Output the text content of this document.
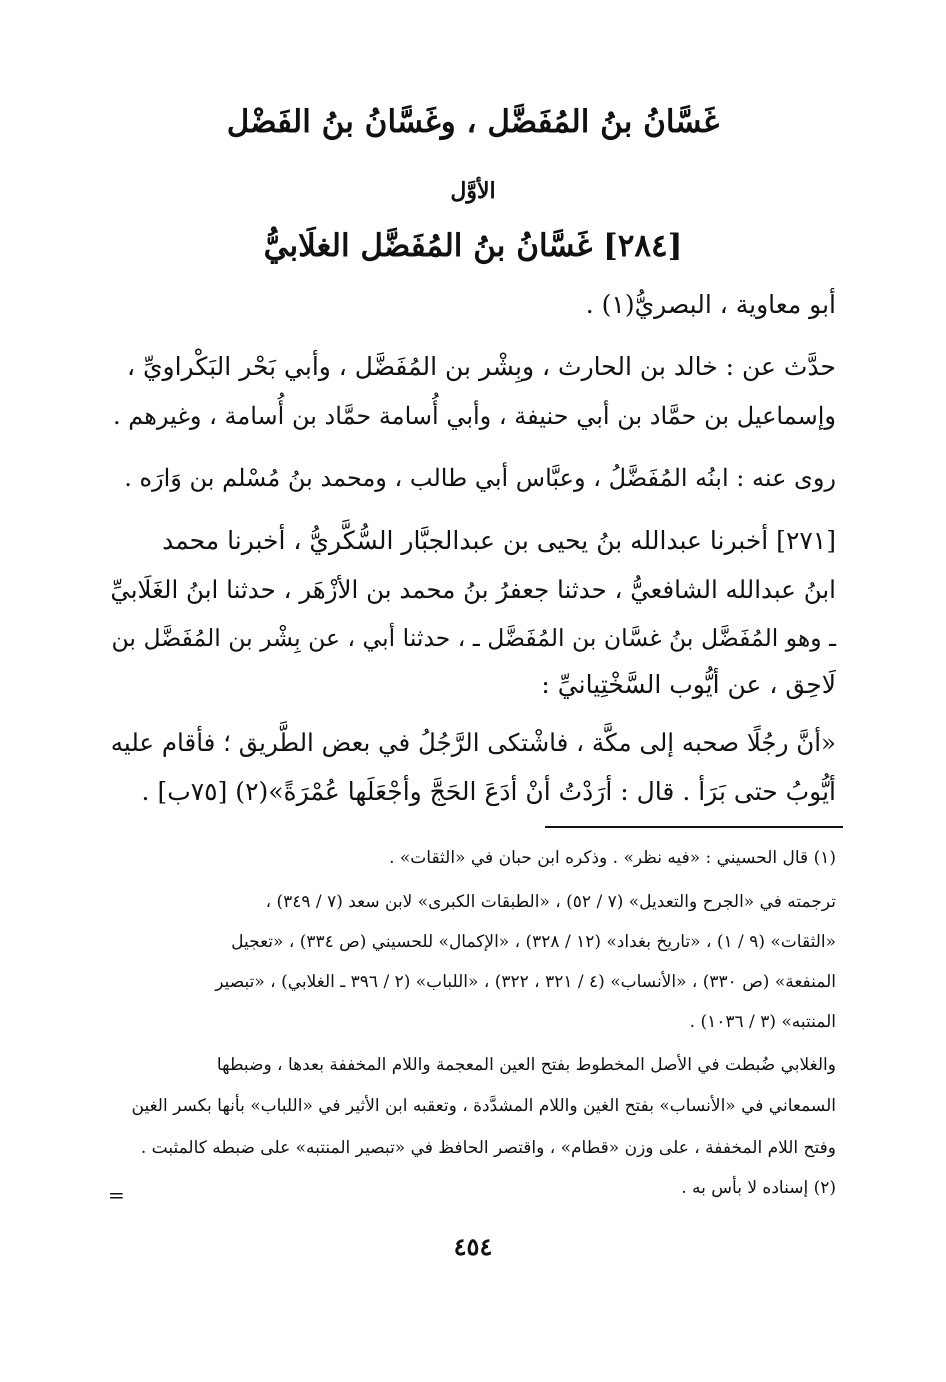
غَسَّانُ بنُ المُفَضَّل ، وغَسَّانُ بنُ الفَضْل
الأوَّل
[٢٨٤] غَسَّانُ بنُ المُفَضَّل الغلَابيُّ
أبو معاوية ، البصريُّ(١) .
حدَّث عن : خالد بن الحارث ، وبِشْر بن المُفَضَّل ، وأبي بَحْر البَكْراويِّ ،
وإسماعيل بن حمَّاد بن أبي حنيفة ، وأبي أُسامة حمَّاد بن أُسامة ، وغيرهم .
روى عنه : ابنُه المُفَضَّلُ ، وعبَّاس أبي طالب ، ومحمد بنُ مُسْلم بن وَارَه .
[٢٧١] أخبرنا عبدالله بنُ يحيى بن عبدالجبَّار السُّكَّريُّ ، أخبرنا محمد
ابنُ عبدالله الشافعيُّ ، حدثنا جعفرُ بنُ محمد بن الأزْهَر ، حدثنا ابنُ الغَلَابيِّ
ـ وهو المُفَضَّل بنُ غسَّان بن المُفَضَّل ـ ، حدثنا أبي ، عن بِشْر بن المُفَضَّل بن
لَاحِق ، عن أيُّوب السَّخْتِيانيِّ :
«أنَّ رجُلًا صحبه إلى مكَّة ، فاشْتكى الرَّجُلُ في بعض الطَّريق ؛ فأقام عليه
أيُّوبُ حتى بَرَأ . قال : أرَدْتُ أنْ أدَعَ الحَجَّ وأجْعَلَها عُمْرَةً»(٢) [٧٥ب] .
(١) قال الحسيني : «فيه نظر» . وذكره ابن حبان في «الثقات» .
ترجمته في «الجرح والتعديل» (٧ / ٥٢) ، «الطبقات الكبرى» لابن سعد (٧ / ٣٤٩) ،
«الثقات» (٩ / ١) ، «تاريخ بغداد» (١٢ / ٣٢٨) ، «الإكمال» للحسيني (ص ٣٣٤) ، «تعجيل
المنفعة» (ص ٣٣٠) ، «الأنساب» (٤ / ٣٢١ ، ٣٢٢) ، «اللباب» (٢ / ٣٩٦ ـ الغلابي) ، «تبصير
المنتبه» (٣ / ١٠٣٦) .
والغلابي ضُبطت في الأصل المخطوط بفتح العين المعجمة واللام المخففة بعدها ، وضبطها
السمعاني في «الأنساب» بفتح الغين واللام المشدَّدة ، وتعقبه ابن الأثير في «اللباب» بأنها بكسر الغين
وفتح اللام المخففة ، على وزن «قطام» ، واقتصر الحافظ في «تبصير المنتبه» على ضبطه كالمثبت .
(٢) إسناده لا بأس به .
=
٤٥٤
